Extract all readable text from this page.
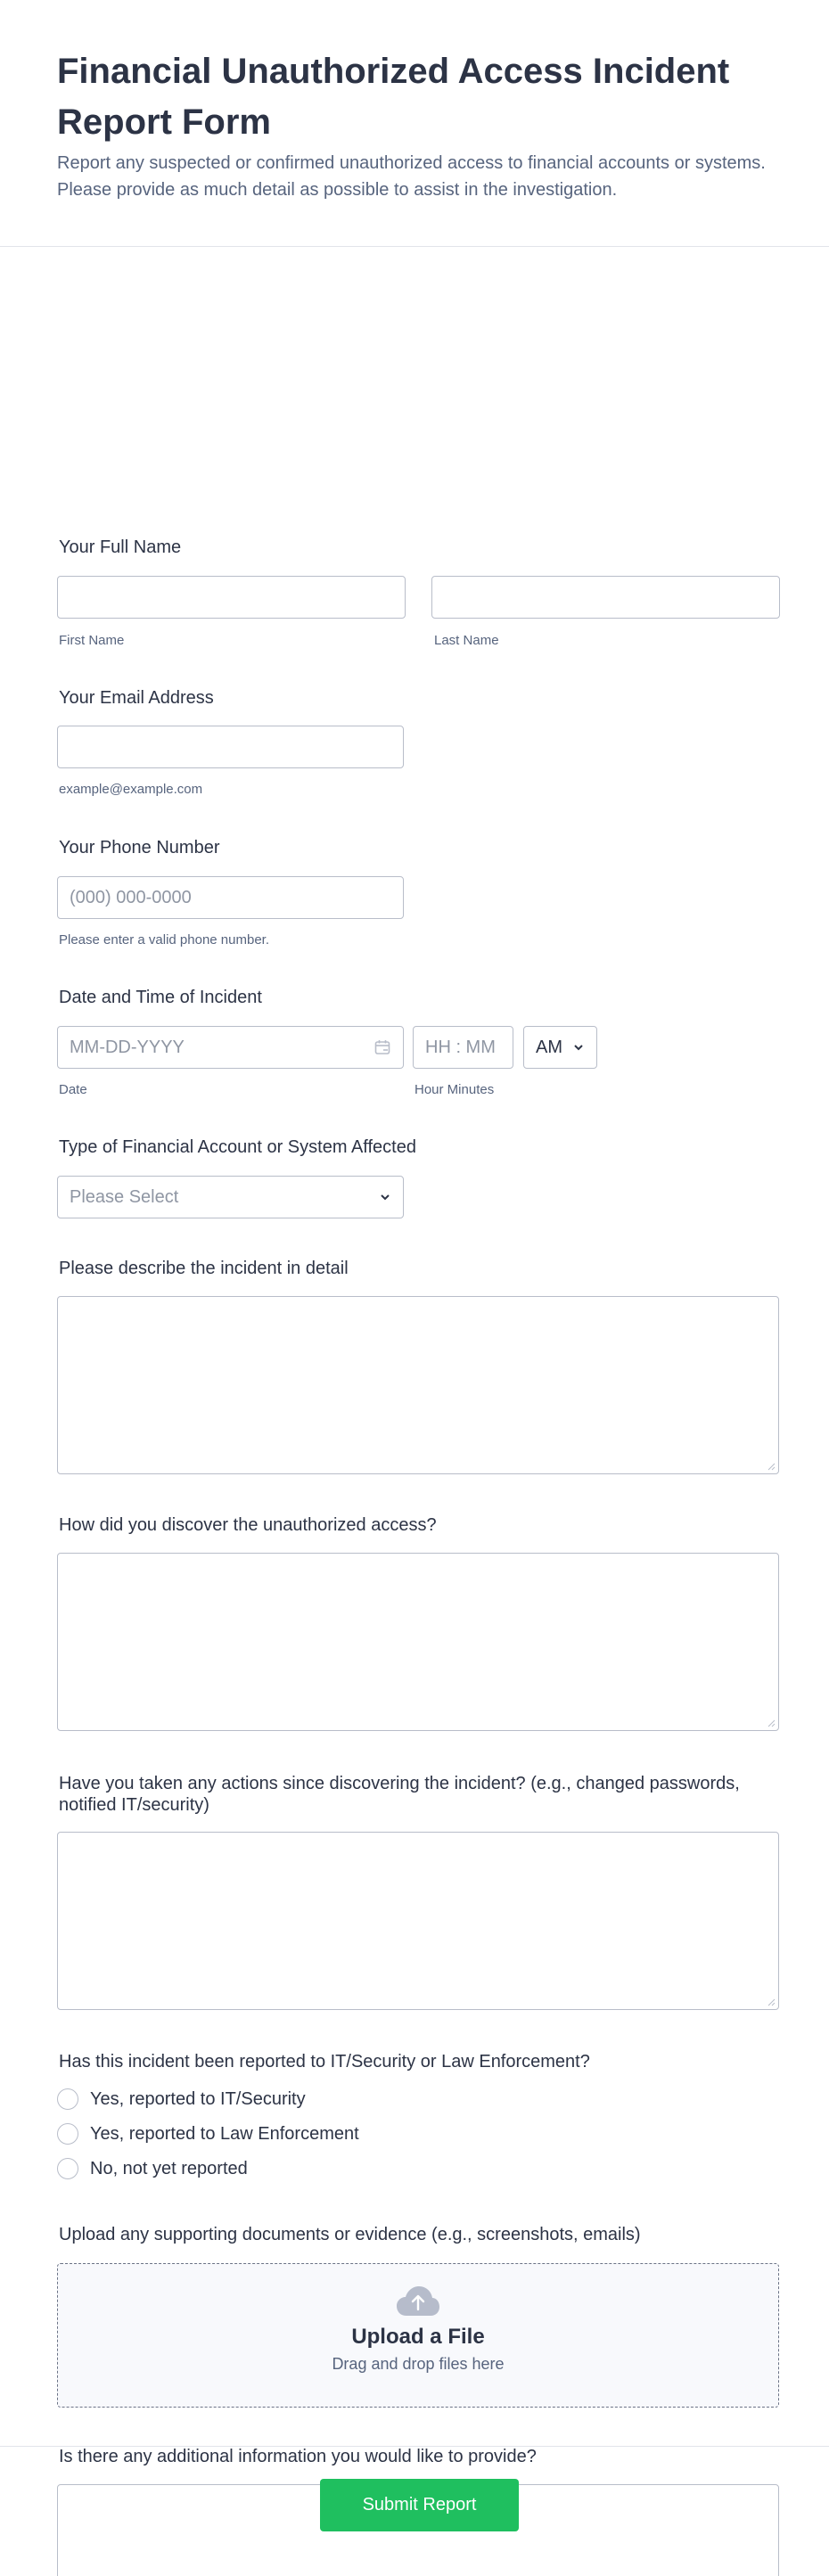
Financial Unauthorized Access Incident Report Form
Report any suspected or confirmed unauthorized access to financial accounts or systems. Please provide as much detail as possible to assist in the investigation.
Your Full Name
First Name	Last Name
Your Email Address
example@example.com
Your Phone Number
(000) 000-0000
Please enter a valid phone number.
Date and Time of Incident
MM-DD-YYYY	HH : MM AM
Date	Hour Minutes
Type of Financial Account or System Affected
Please Select
Please describe the incident in detail
How did you discover the unauthorized access?
Have you taken any actions since discovering the incident? (e.g., changed passwords, notified IT/security)
Has this incident been reported to IT/Security or Law Enforcement?
Yes, reported to IT/Security
Yes, reported to Law Enforcement
No, not yet reported
Upload any supporting documents or evidence (e.g., screenshots, emails)
Upload a File
Drag and drop files here
Is there any additional information you would like to provide?
Submit Report
